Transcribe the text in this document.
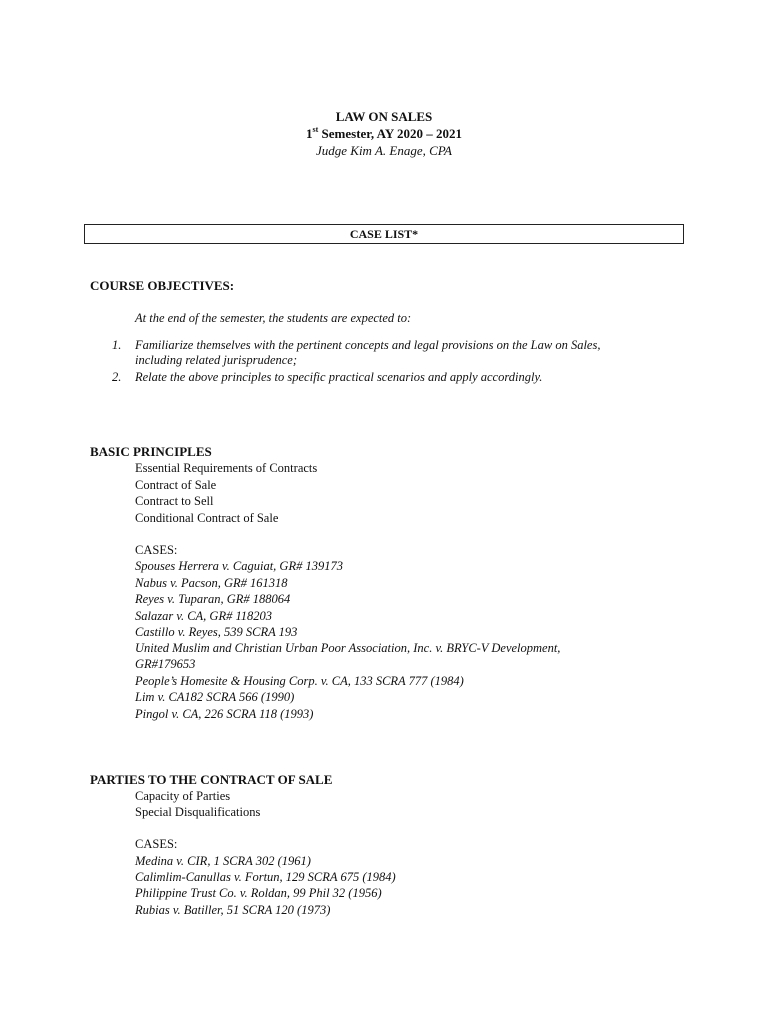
LAW ON SALES
1st Semester, AY 2020 – 2021
Judge Kim A. Enage, CPA
CASE LIST*
COURSE OBJECTIVES:
At the end of the semester, the students are expected to:
1. Familiarize themselves with the pertinent concepts and legal provisions on the Law on Sales,
including related jurisprudence;
2. Relate the above principles to specific practical scenarios and apply accordingly.
BASIC PRINCIPLES
Essential Requirements of Contracts
Contract of Sale
Contract to Sell
Conditional Contract of Sale
CASES:
Spouses Herrera v. Caguiat, GR# 139173
Nabus v. Pacson, GR# 161318
Reyes v. Tuparan, GR# 188064
Salazar v. CA, GR# 118203
Castillo v. Reyes, 539 SCRA 193
United Muslim and Christian Urban Poor Association, Inc. v. BRYC-V Development,
GR#179653
People’s Homesite & Housing Corp. v. CA, 133 SCRA 777 (1984)
Lim v. CA182 SCRA 566 (1990)
Pingol v. CA, 226 SCRA 118 (1993)
PARTIES TO THE CONTRACT OF SALE
Capacity of Parties
Special Disqualifications
CASES:
Medina v. CIR, 1 SCRA 302 (1961)
Calimlim-Canullas v. Fortun, 129 SCRA 675 (1984)
Philippine Trust Co. v. Roldan, 99 Phil 32 (1956)
Rubias v. Batiller, 51 SCRA 120 (1973)
